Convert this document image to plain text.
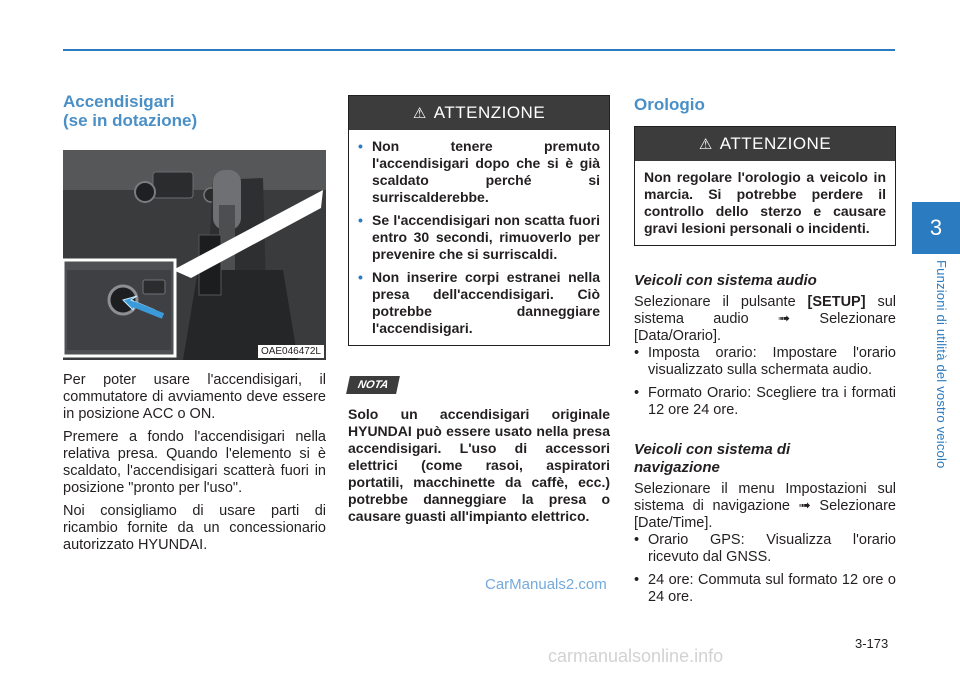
3
Funzioni di utilità del vostro veicolo
Accendisigari
(se in dotazione)
OAE046472L

Per poter usare l'accendisigari, il commutatore di avviamento deve essere in posizione ACC o ON.

Premere a fondo l'accendisigari nella relativa presa. Quando l'elemento si è scaldato, l'accendisigari scatterà fuori in posizione "pronto per l'uso".

Noi consigliamo di usare parti di ricambio fornite da un concessionario autorizzato HYUNDAI.

⚠ ATTENZIONE
• Non tenere premuto l'accendisigari dopo che si è già scaldato perché si surriscalderebbe.
• Se l'accendisigari non scatta fuori entro 30 secondi, rimuoverlo per prevenire che si surriscaldi.
• Non inserire corpi estranei nella presa dell'accendisigari. Ciò potrebbe danneggiare l'accendisigari.
NOTA

Solo un accendisigari originale HYUNDAI può essere usato nella presa accendisigari. L'uso di accessori elettrici (come rasoi, aspiratori portatili, macchinette da caffè, ecc.) potrebbe danneggiare la presa o causare guasti all'impianto elettrico.

Orologio
⚠ ATTENZIONE

Non regolare l'orologio a veicolo in marcia. Si potrebbe perdere il controllo dello sterzo e causare gravi lesioni personali o incidenti.

Veicoli con sistema audio

Selezionare il pulsante [SETUP] sul sistema audio ➟ Selezionare [Data/Orario].

• Imposta orario: Impostare l'orario visualizzato sulla schermata audio.
• Formato Orario: Scegliere tra i formati 12 ore 24 ore.
Veicoli con sistema di
navigazione

Selezionare il menu Impostazioni sul sistema di navigazione ➟ Selezionare [Date/Time].

• Orario GPS: Visualizza l'orario ricevuto dal GNSS.
• 24 ore: Commuta sul formato 12 ore o 24 ore.
CarManuals2.com
3-173
carmanualsonline.info
